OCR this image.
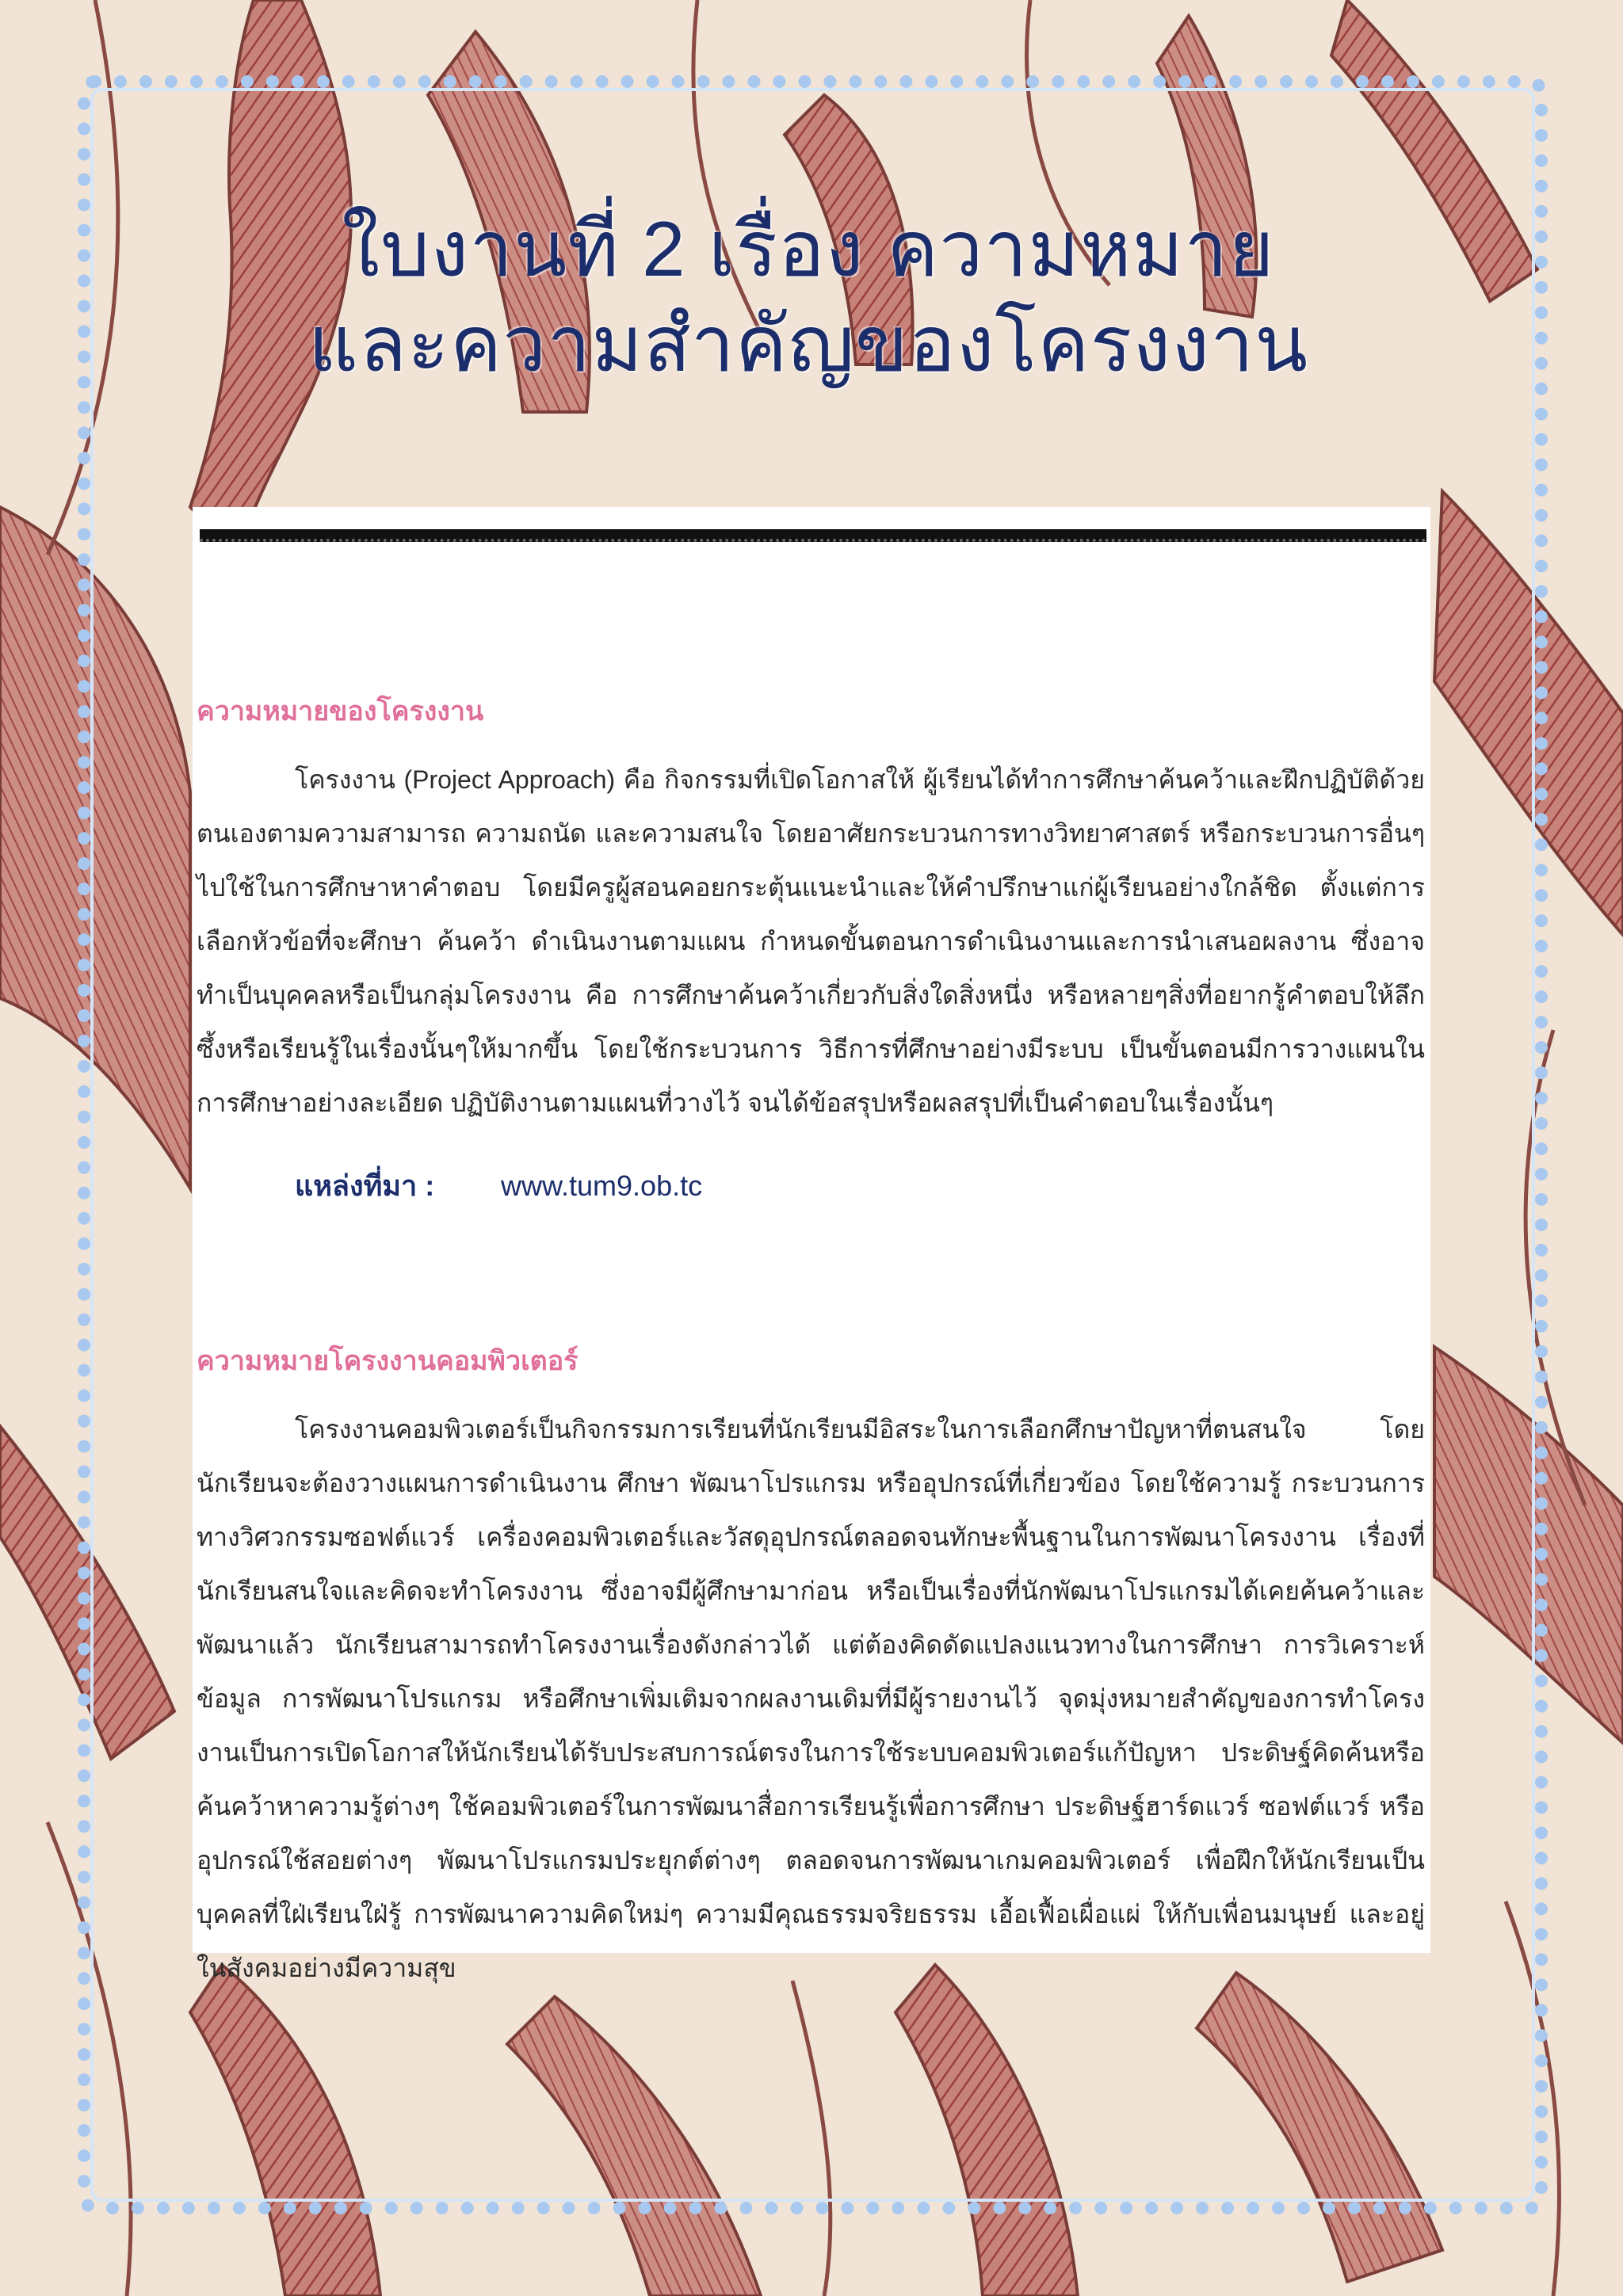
ใบงานที่ 2 เรื่อง ความหมาย
และความสำคัญของโครงงาน
ความหมายของโครงงาน

โครงงาน (Project Approach) คือ กิจกรรมที่เปิดโอกาสให้ ผู้เรียนได้ทำการศึกษาค้นคว้าและฝึกปฏิบัติด้วยตนเองตามความสามารถ ความถนัด และความสนใจ โดยอาศัยกระบวนการทางวิทยาศาสตร์ หรือกระบวนการอื่นๆ ไปใช้ในการศึกษาหาคำตอบ โดยมีครูผู้สอนคอยกระตุ้นแนะนำและให้คำปรึกษาแก่ผู้เรียนอย่างใกล้ชิด ตั้งแต่การเลือกหัวข้อที่จะศึกษา ค้นคว้า ดำเนินงานตามแผน กำหนดขั้นตอนการดำเนินงานและการนำเสนอผลงาน ซึ่งอาจทำเป็นบุคคลหรือเป็นกลุ่มโครงงาน คือ การศึกษาค้นคว้าเกี่ยวกับสิ่งใดสิ่งหนึ่ง หรือหลายๆสิ่งที่อยากรู้คำตอบให้ลึกซึ้งหรือเรียนรู้ในเรื่องนั้นๆให้มากขึ้น โดยใช้กระบวนการ วิธีการที่ศึกษาอย่างมีระบบ เป็นขั้นตอนมีการวางแผนในการศึกษาอย่างละเอียด ปฏิบัติงานตามแผนที่วางไว้ จนได้ข้อสรุปหรือผลสรุปที่เป็นคำตอบในเรื่องนั้นๆ

แหล่งที่มา : www.tum9.ob.tc
ความหมายโครงงานคอมพิวเตอร์

โครงงานคอมพิวเตอร์เป็นกิจกรรมการเรียนที่นักเรียนมีอิสระในการเลือกศึกษาปัญหาที่ตนสนใจ โดยนักเรียนจะต้องวางแผนการดำเนินงาน ศึกษา พัฒนาโปรแกรม หรืออุปกรณ์ที่เกี่ยวข้อง โดยใช้ความรู้ กระบวนการทางวิศวกรรมซอฟต์แวร์ เครื่องคอมพิวเตอร์และวัสดุอุปกรณ์ตลอดจนทักษะพื้นฐานในการพัฒนาโครงงาน เรื่องที่นักเรียนสนใจและคิดจะทำโครงงาน ซึ่งอาจมีผู้ศึกษามาก่อน หรือเป็นเรื่องที่นักพัฒนาโปรแกรมได้เคยค้นคว้าและพัฒนาแล้ว นักเรียนสามารถทำโครงงานเรื่องดังกล่าวได้ แต่ต้องคิดดัดแปลงแนวทางในการศึกษา การวิเคราะห์ข้อมูล การพัฒนาโปรแกรม หรือศึกษาเพิ่มเติมจากผลงานเดิมที่มีผู้รายงานไว้ จุดมุ่งหมายสำคัญของการทำโครงงานเป็นการเปิดโอกาสให้นักเรียนได้รับประสบการณ์ตรงในการใช้ระบบคอมพิวเตอร์แก้ปัญหา ประดิษฐ์คิดค้นหรือค้นคว้าหาความรู้ต่างๆ ใช้คอมพิวเตอร์ในการพัฒนาสื่อการเรียนรู้เพื่อการศึกษา ประดิษฐ์ฮาร์ดแวร์ ซอฟต์แวร์ หรืออุปกรณ์ใช้สอยต่างๆ พัฒนาโปรแกรมประยุกต์ต่างๆ ตลอดจนการพัฒนาเกมคอมพิวเตอร์ เพื่อฝึกให้นักเรียนเป็นบุคคลที่ใฝ่เรียนใฝ่รู้ การพัฒนาความคิดใหม่ๆ ความมีคุณธรรมจริยธรรม เอื้อเฟื้อเผื่อแผ่ ให้กับเพื่อนมนุษย์ และอยู่ในสังคมอย่างมีความสุข
